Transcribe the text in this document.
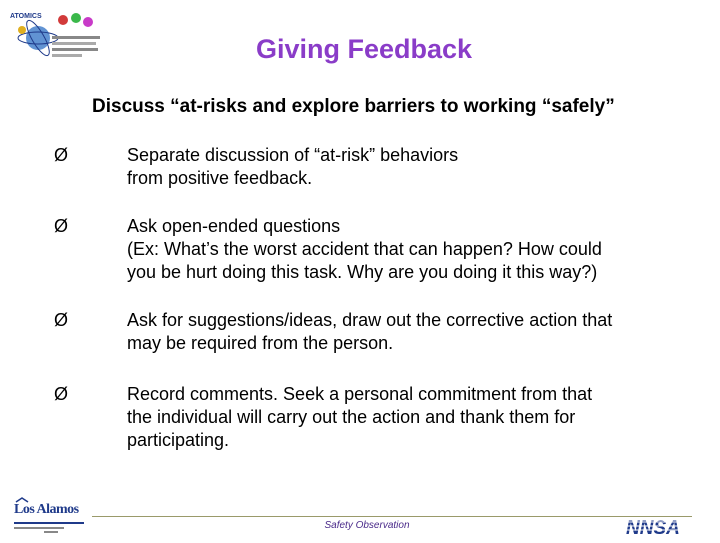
ATOMICS
Giving Feedback
Discuss “at-risks and explore barriers to working “safely”
Ø	Separate discussion of “at-risk” behaviors
from positive feedback.

Ø	Ask open-ended questions
(Ex: What’s the worst accident that can happen? How could
you be hurt doing this task. Why are you doing it this way?)

Ø	Ask for suggestions/ideas, draw out the corrective action that
may be required from the person.

Ø	Record comments. Seek a personal commitment from that
the individual will carry out the action and thank them for
participating.

Safety Observation
Los Alamos
NNSA
